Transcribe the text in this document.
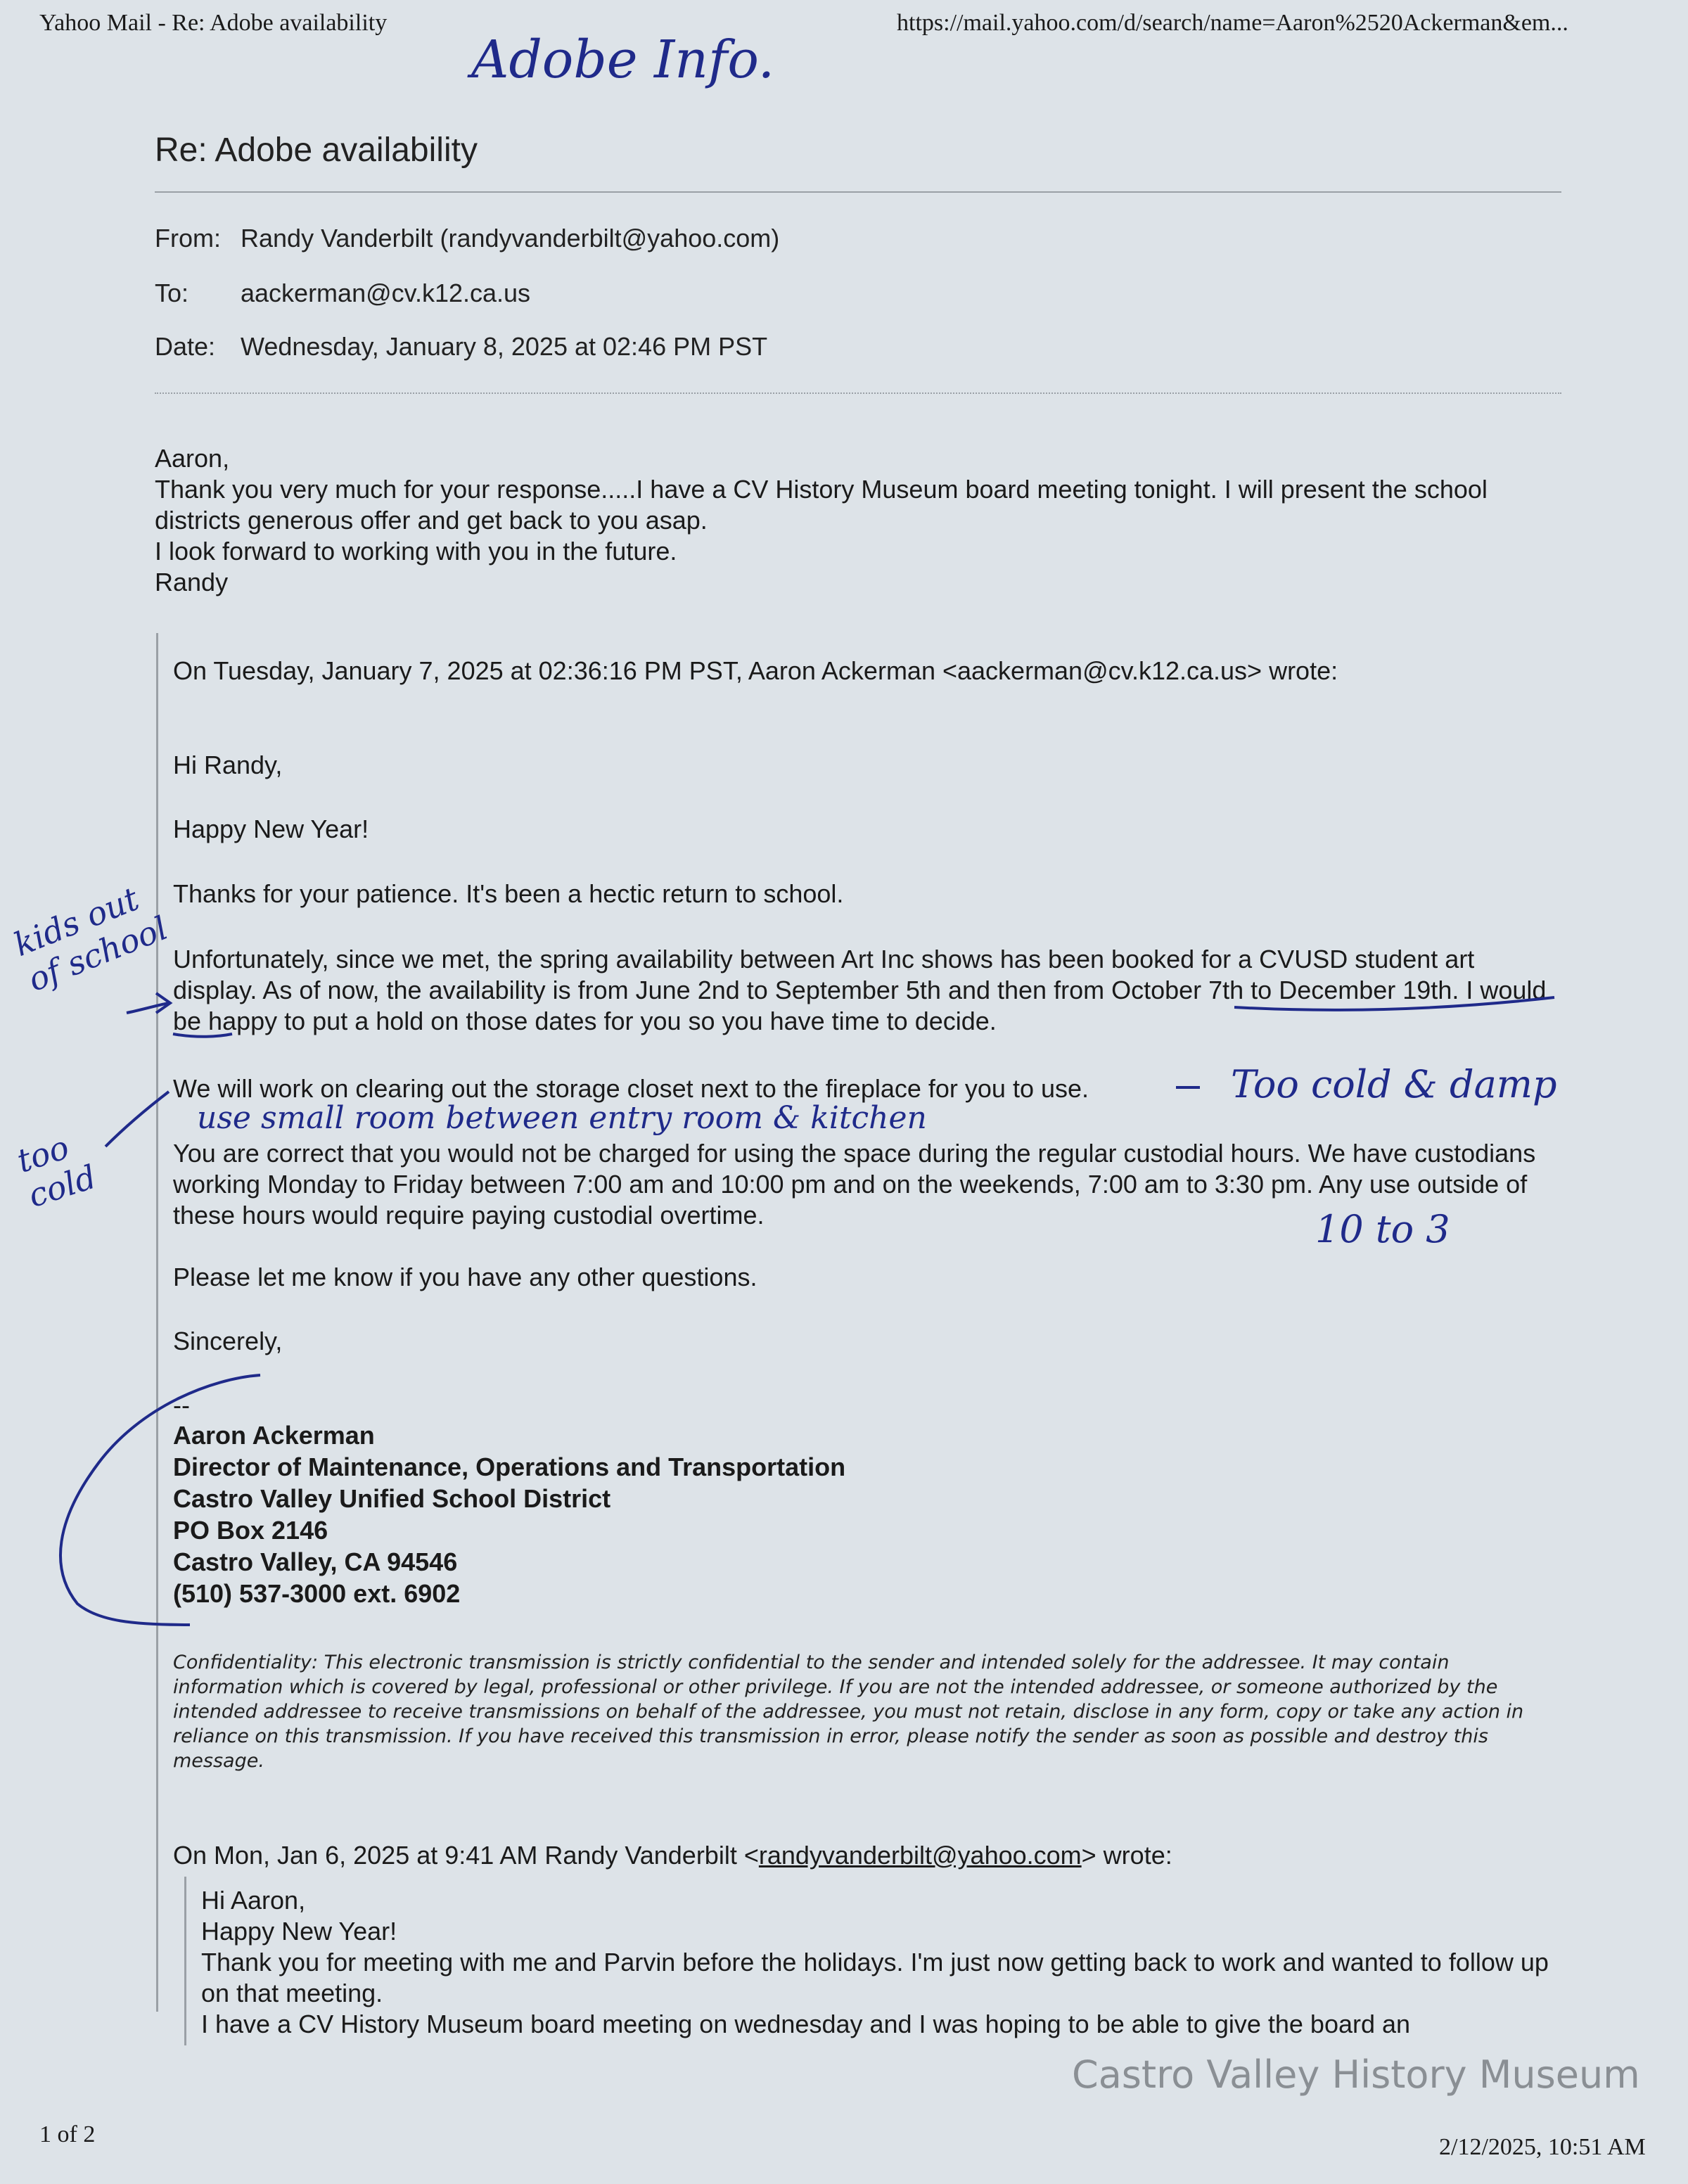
Yahoo Mail - Re: Adobe availability	https://mail.yahoo.com/d/search/name=Aaron%2520Ackerman&em...
Adobe Info.
Re: Adobe availability
From: Randy Vanderbilt (randyvanderbilt@yahoo.com)
To: aackerman@cv.k12.ca.us
Date: Wednesday, January 8, 2025 at 02:46 PM PST

Aaron,

Thank you very much for your response.....I have a CV History Museum board meeting tonight. I will present the school districts generous offer and get back to you asap.

I look forward to working with you in the future.

Randy

On Tuesday, January 7, 2025 at 02:36:16 PM PST, Aaron Ackerman <aackerman@cv.k12.ca.us> wrote:
Hi Randy,
Happy New Year!
Thanks for your patience. It's been a hectic return to school.
Unfortunately, since we met, the spring availability between Art Inc shows has been booked for a CVUSD student art display. As of now, the availability is from June 2nd to September 5th and then from October 7th to December 19th. I would be happy to put a hold on those dates for you so you have time to decide.
We will work on clearing out the storage closet next to the fireplace for you to use.
You are correct that you would not be charged for using the space during the regular custodial hours. We have custodians working Monday to Friday between 7:00 am and 10:00 pm and on the weekends, 7:00 am to 3:30 pm. Any use outside of these hours would require paying custodial overtime.
Please let me know if you have any other questions.
Sincerely,
--
Aaron Ackerman
Director of Maintenance, Operations and Transportation
Castro Valley Unified School District
PO Box 2146
Castro Valley, CA 94546
(510) 537-3000 ext. 6902
Confidentiality: This electronic transmission is strictly confidential to the sender and intended solely for the addressee. It may contain information which is covered by legal, professional or other privilege. If you are not the intended addressee, or someone authorized by the intended addressee to receive transmissions on behalf of the addressee, you must not retain, disclose in any form, copy or take any action in reliance on this transmission. If you have received this transmission in error, please notify the sender as soon as possible and destroy this message.
On Mon, Jan 6, 2025 at 9:41 AM Randy Vanderbilt <randyvanderbilt@yahoo.com> wrote:

Hi Aaron,

Happy New Year!

Thank you for meeting with me and Parvin before the holidays. I'm just now getting back to work and wanted to follow up on that meeting.

I have a CV History Museum board meeting on wednesday and I was hoping to be able to give the board an

Castro Valley History Museum
1 of 2	2/12/2025, 10:51 AM
kids out of school
too cold
Too cold & damp
use small room between entry room & kitchen
10 to 3
